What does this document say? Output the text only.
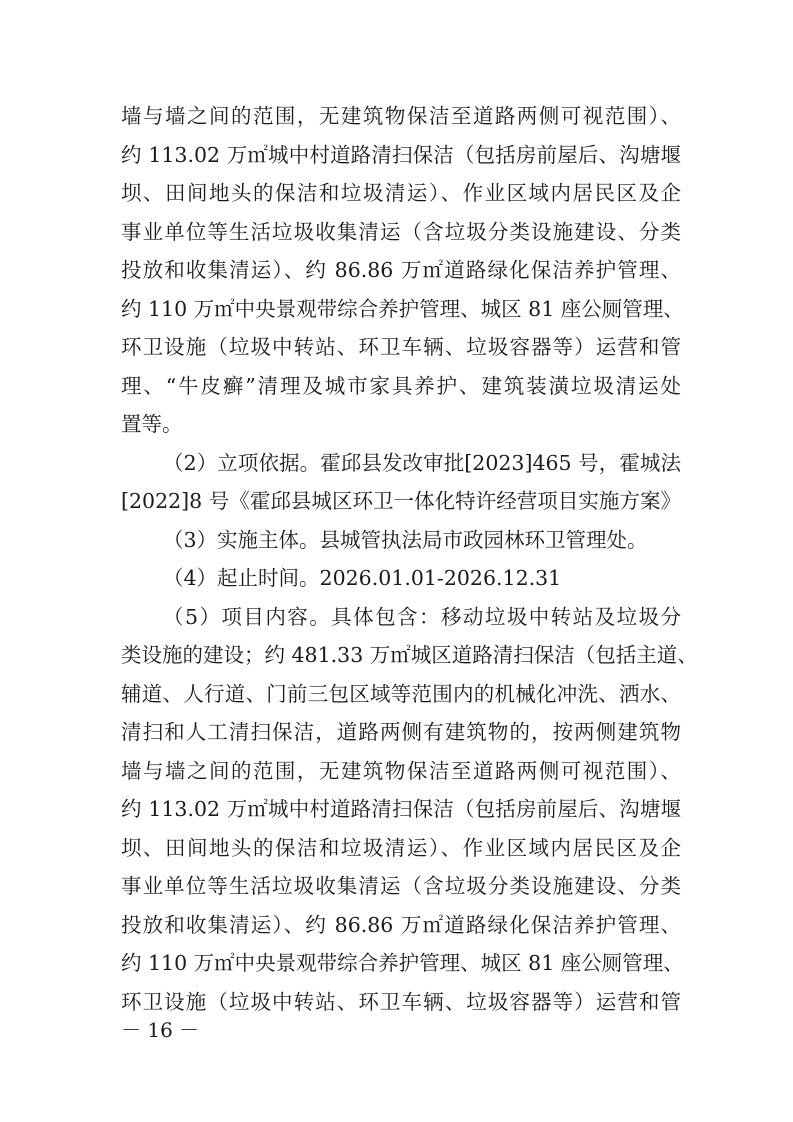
墙与墙之间的范围，无建筑物保洁至道路两侧可视范围）、
约 113.02 万㎡城中村道路清扫保洁（包括房前屋后、沟塘堰
坝、田间地头的保洁和垃圾清运）、作业区域内居民区及企
事业单位等生活垃圾收集清运（含垃圾分类设施建设、分类
投放和收集清运）、约 86.86 万㎡道路绿化保洁养护管理、
约 110 万㎡中央景观带综合养护管理、城区 81 座公厕管理、
环卫设施（垃圾中转站、环卫车辆、垃圾容器等）运营和管
理、“牛皮癣”清理及城市家具养护、建筑装潢垃圾清运处
置等。
（2）立项依据。霍邱县发改审批[2023]465 号，霍城法
[2022]8 号《霍邱县城区环卫一体化特许经营项目实施方案》
（3）实施主体。县城管执法局市政园林环卫管理处。
（4）起止时间。2026.01.01-2026.12.31
（5）项目内容。具体包含：移动垃圾中转站及垃圾分
类设施的建设；约 481.33 万㎡城区道路清扫保洁（包括主道、
辅道、人行道、门前三包区域等范围内的机械化冲洗、洒水、
清扫和人工清扫保洁，道路两侧有建筑物的，按两侧建筑物
墙与墙之间的范围，无建筑物保洁至道路两侧可视范围）、
约 113.02 万㎡城中村道路清扫保洁（包括房前屋后、沟塘堰
坝、田间地头的保洁和垃圾清运）、作业区域内居民区及企
事业单位等生活垃圾收集清运（含垃圾分类设施建设、分类
投放和收集清运）、约 86.86 万㎡道路绿化保洁养护管理、
约 110 万㎡中央景观带综合养护管理、城区 81 座公厕管理、
环卫设施（垃圾中转站、环卫车辆、垃圾容器等）运营和管
－ 16 －
